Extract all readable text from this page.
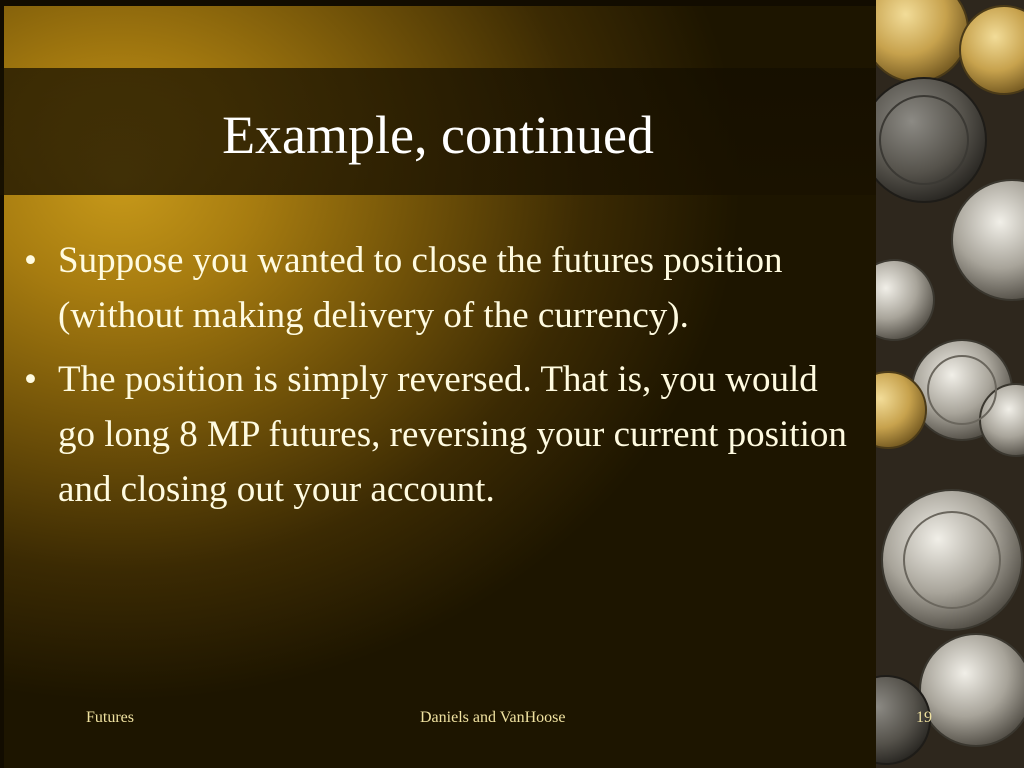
Example, continued
• Suppose you wanted to close the futures position (without making delivery of the currency).
• The position is simply reversed. That is, you would go long 8 MP futures, reversing your current position and closing out your account.
Futures	Daniels and VanHoose	19
